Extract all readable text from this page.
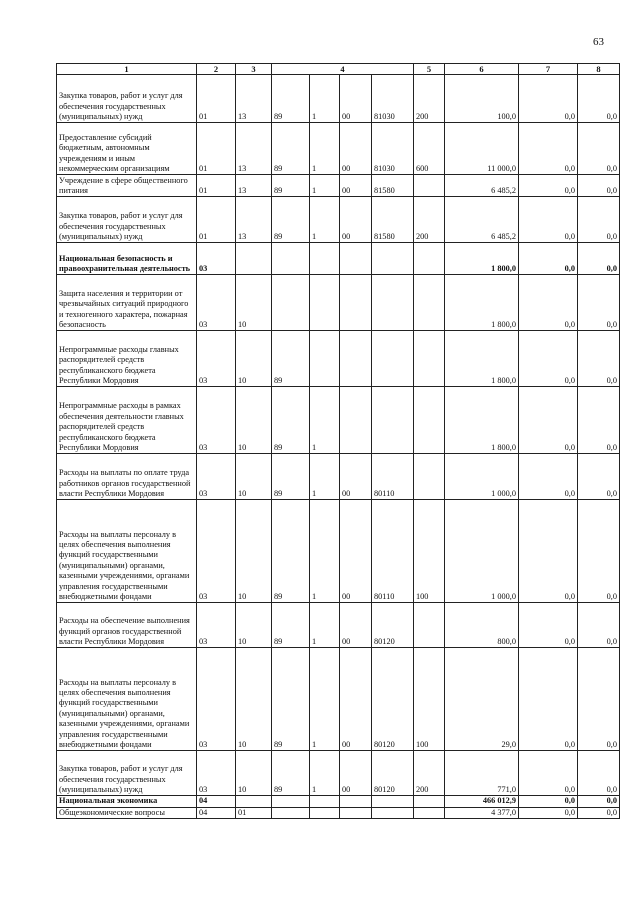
63
1	2	3	4				5	6	7	8
Закупка товаров, работ и услуг для обеспечения государственных (муниципальных) нужд	01	13	89	1	00	81030	200	100,0	0,0	0,0
Предоставление субсидий бюджетным, автономным учреждениям и иным некоммерческим организациям	01	13	89	1	00	81030	600	11 000,0	0,0	0,0
Учреждение в сфере общественного питания	01	13	89	1	00	81580		6 485,2	0,0	0,0
Закупка товаров, работ и услуг для обеспечения государственных (муниципальных) нужд	01	13	89	1	00	81580	200	6 485,2	0,0	0,0
Национальная безопасность и правоохранительная деятельность	03							1 800,0	0,0	0,0
Защита населения и территории от чрезвычайных ситуаций природного и техногенного характера, пожарная безопасность	03	10						1 800,0	0,0	0,0
Непрограммные расходы главных распорядителей средств республиканского бюджета Республики Мордовия	03	10	89					1 800,0	0,0	0,0
Непрограммные расходы в рамках обеспечения деятельности главных распорядителей средств республиканского бюджета Республики Мордовия	03	10	89	1				1 800,0	0,0	0,0
Расходы на выплаты по оплате труда работников органов государственной власти Республики Мордовия	03	10	89	1	00	80110		1 000,0	0,0	0,0
Расходы на выплаты персоналу в целях обеспечения выполнения функций государственными (муниципальными) органами, казенными учреждениями, органами управления государственными внебюджетными фондами	03	10	89	1	00	80110	100	1 000,0	0,0	0,0
Расходы на обеспечение выполнения функций органов государственной власти Республики Мордовия	03	10	89	1	00	80120		800,0	0,0	0,0
Расходы на выплаты персоналу в целях обеспечения выполнения функций государственными (муниципальными) органами, казенными учреждениями, органами управления государственными внебюджетными фондами	03	10	89	1	00	80120	100	29,0	0,0	0,0
Закупка товаров, работ и услуг для обеспечения государственных (муниципальных) нужд	03	10	89	1	00	80120	200	771,0	0,0	0,0
Национальная экономика	04							466 012,9	0,0	0,0
Общеэкономические вопросы	04	01						4 377,0	0,0	0,0
